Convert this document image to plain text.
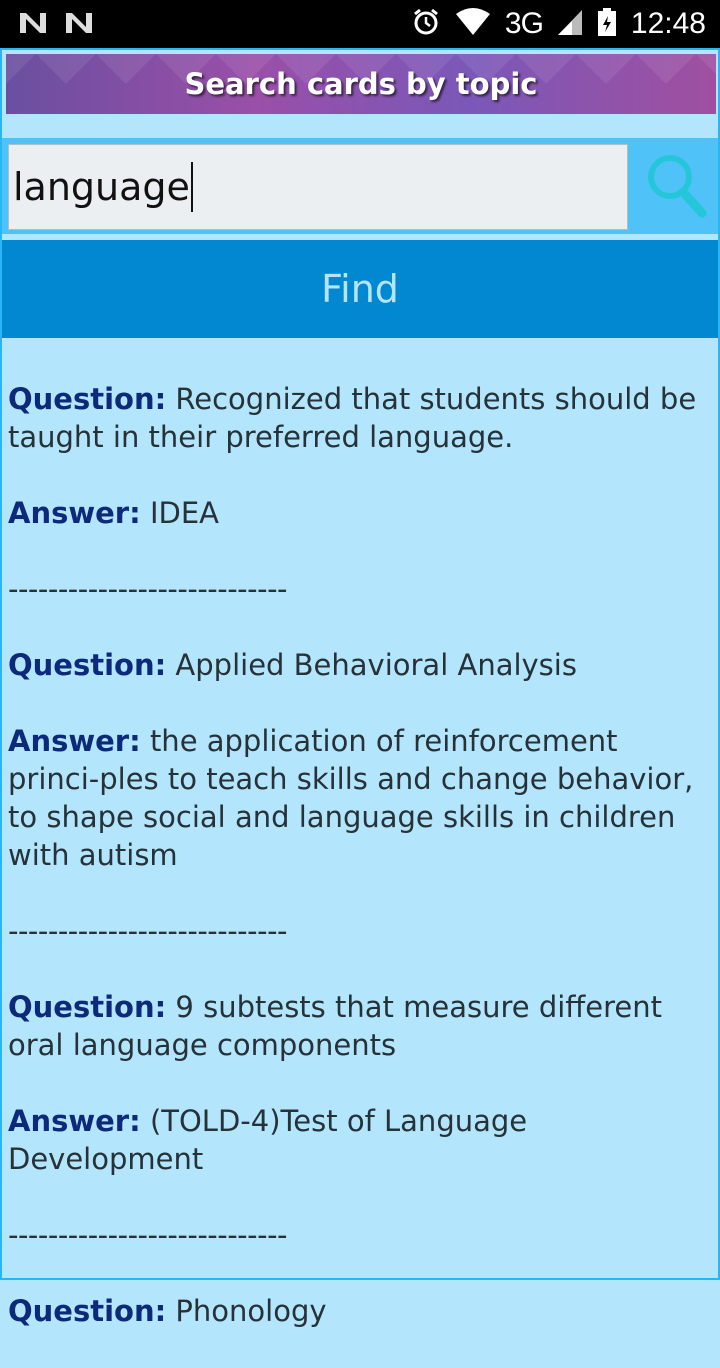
3G	12:48
Search cards by topic
language
Find
Question: Recognized that students should be taught in their preferred language.
Answer: IDEA
----------------------------
Question: Applied Behavioral Analysis
Answer: the application of reinforcement princi-ples to teach skills and change behavior, to shape social and language skills in children with autism
----------------------------
Question: 9 subtests that measure different oral language components
Answer: (TOLD-4)Test of Language Development
----------------------------
Question: Phonology
